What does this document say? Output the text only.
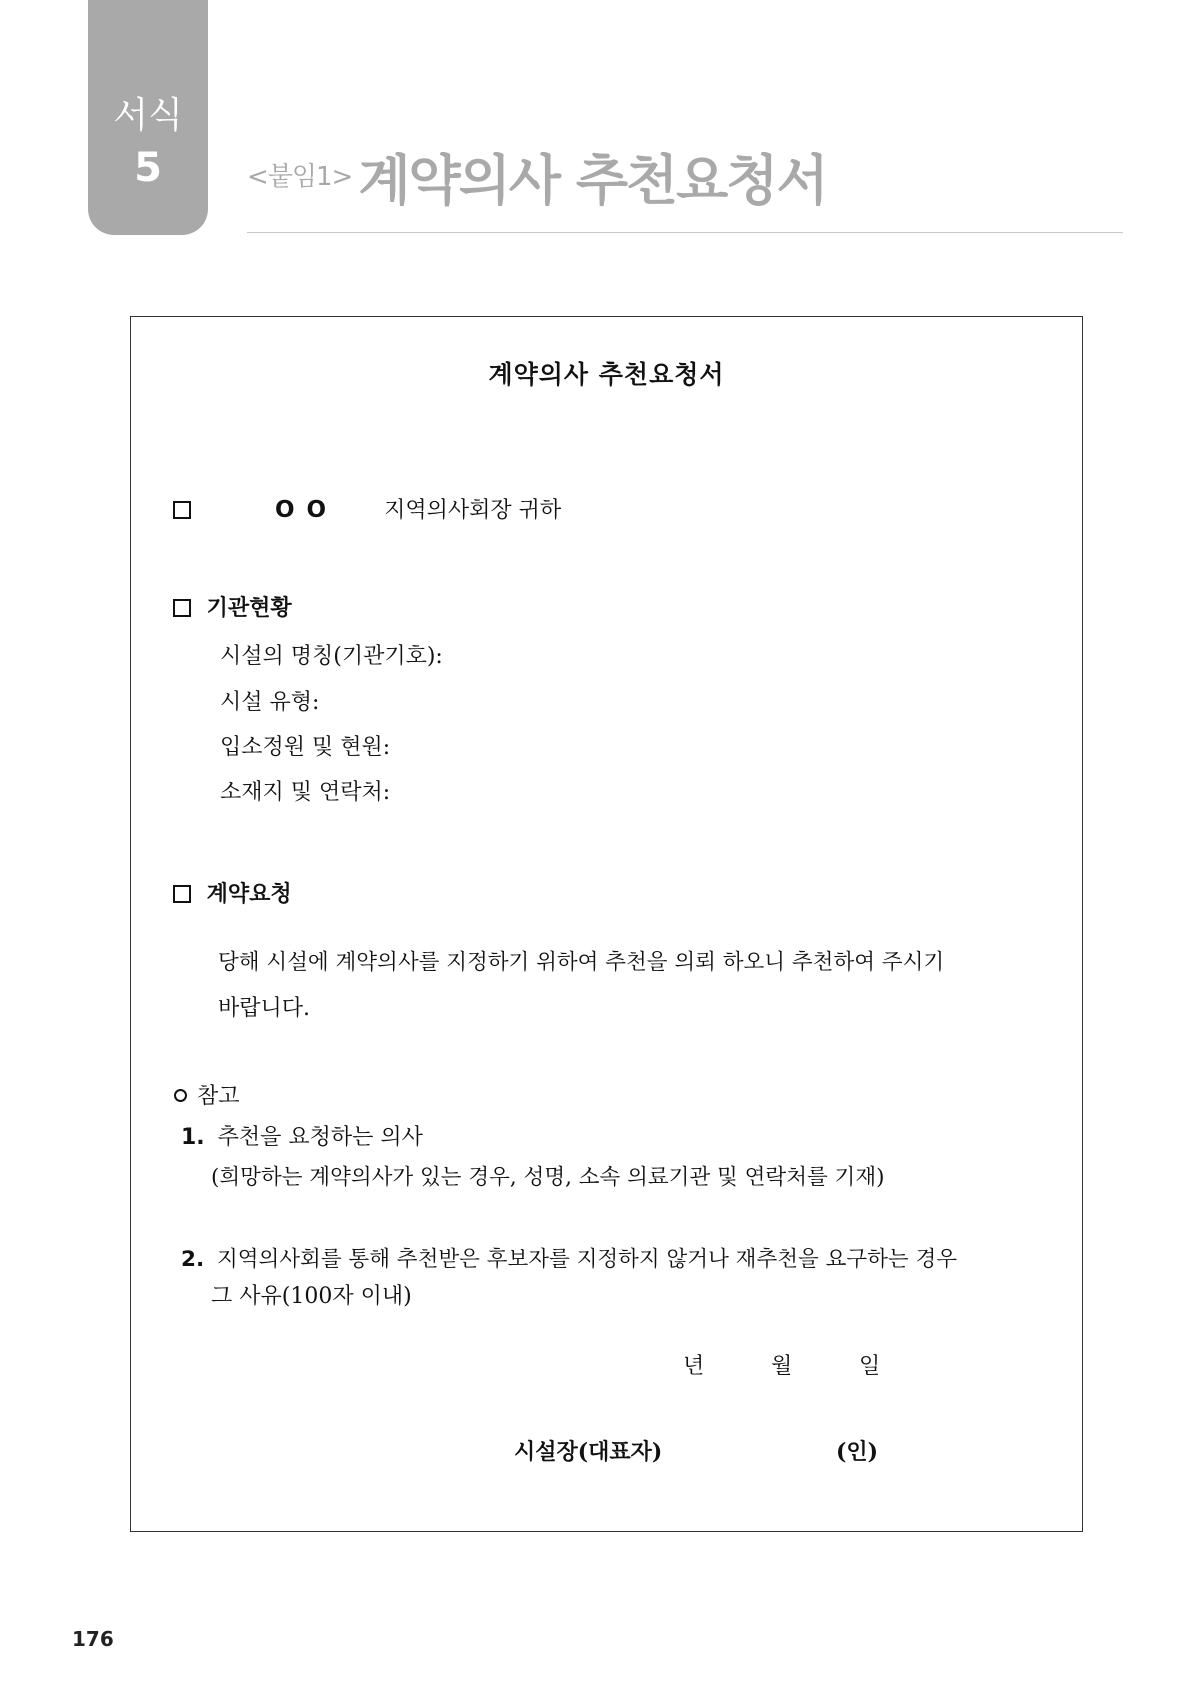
서식
5	<붙임1> 계약의사 추천요청서
계약의사 추천요청서
O O	지역의사회장 귀하
기관현황
시설의 명칭(기관기호):
시설 유형:
입소정원 및 현원:
소재지 및 연락처:
계약요청
당해 시설에 계약의사를 지정하기 위하여 추천을 의뢰 하오니 추천하여 주시기
바랍니다.
참고
1. 추천을 요청하는 의사
(희망하는 계약의사가 있는 경우, 성명, 소속 의료기관 및 연락처를 기재)
2. 지역의사회를 통해 추천받은 후보자를 지정하지 않거나 재추천을 요구하는 경우
그 사유(100자 이내)
년	월	일
시설장(대표자)	(인)
176
